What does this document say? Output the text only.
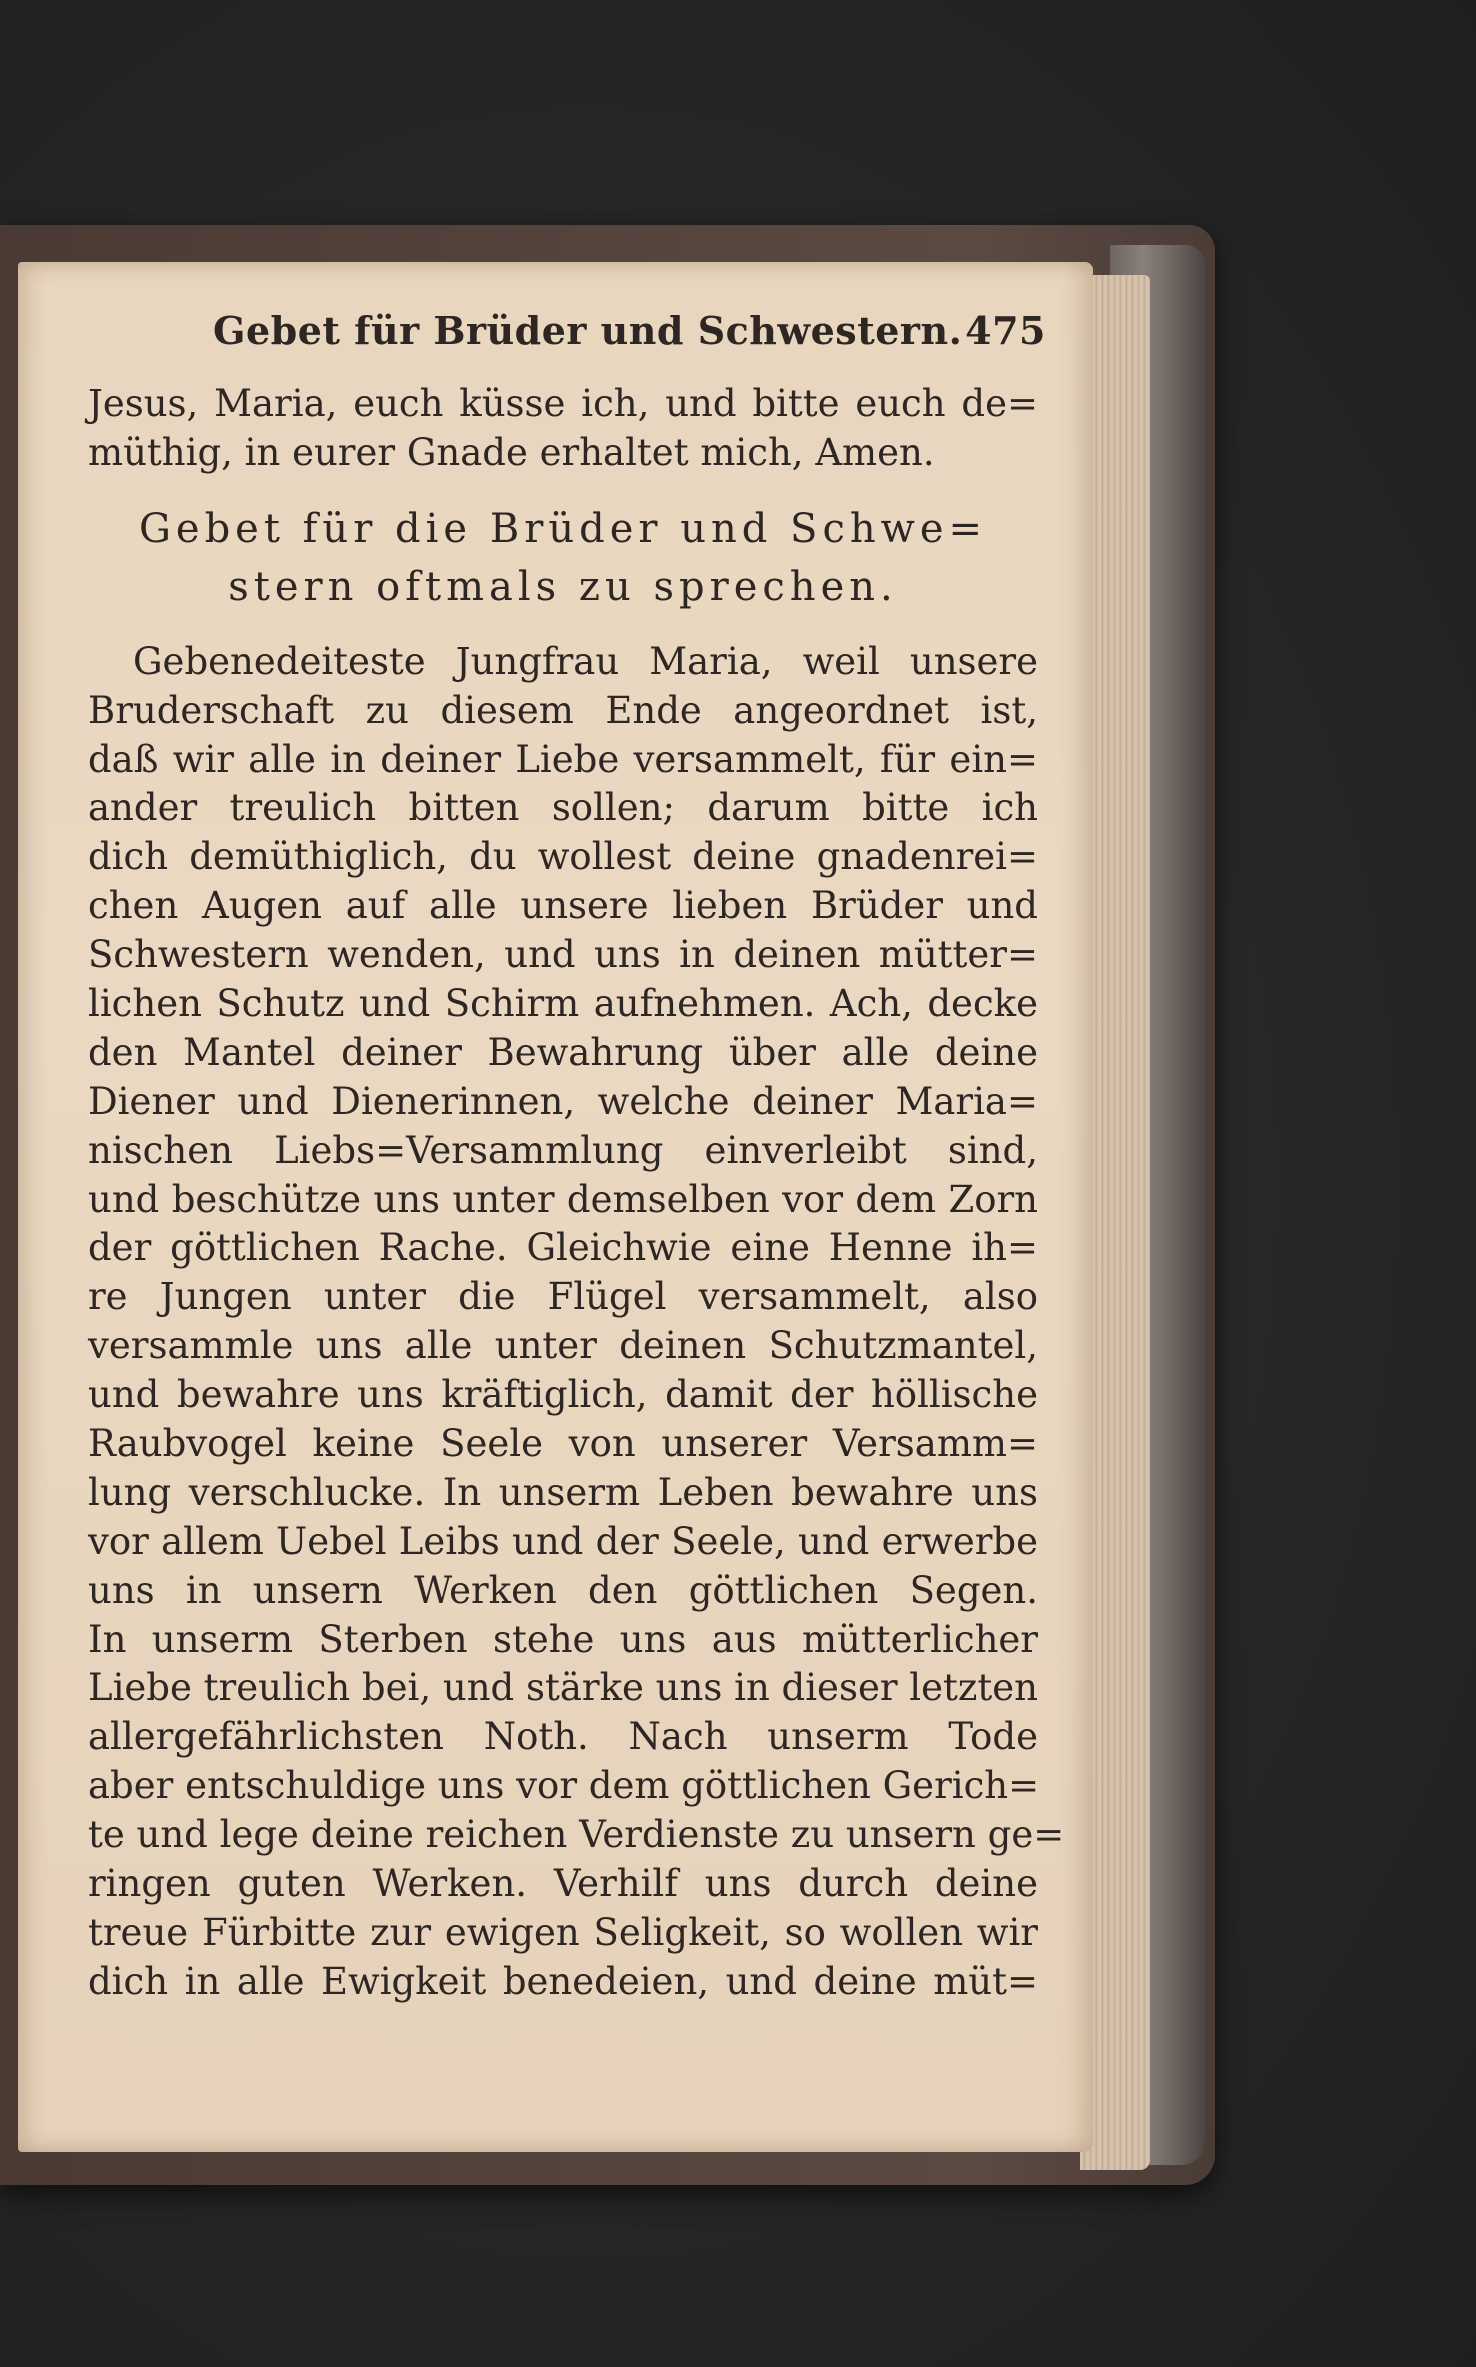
Gebet für Brüder und Schwestern. 475
Jesus, Maria, euch küsse ich, und bitte euch de=
müthig, in eurer Gnade erhaltet mich, Amen.
Gebet für die Brüder und Schwe=
stern oftmals zu sprechen.
Gebenedeiteste Jungfrau Maria, weil unsere
Bruderschaft zu diesem Ende angeordnet ist,
daß wir alle in deiner Liebe versammelt, für ein=
ander treulich bitten sollen; darum bitte ich
dich demüthiglich, du wollest deine gnadenrei=
chen Augen auf alle unsere lieben Brüder und
Schwestern wenden, und uns in deinen mütter=
lichen Schutz und Schirm aufnehmen. Ach, decke
den Mantel deiner Bewahrung über alle deine
Diener und Dienerinnen, welche deiner Maria=
nischen Liebs=Versammlung einverleibt sind,
und beschütze uns unter demselben vor dem Zorn
der göttlichen Rache. Gleichwie eine Henne ih=
re Jungen unter die Flügel versammelt, also
versammle uns alle unter deinen Schutzmantel,
und bewahre uns kräftiglich, damit der höllische
Raubvogel keine Seele von unserer Versamm=
lung verschlucke. In unserm Leben bewahre uns
vor allem Uebel Leibs und der Seele, und erwerbe
uns in unsern Werken den göttlichen Segen.
In unserm Sterben stehe uns aus mütterlicher
Liebe treulich bei, und stärke uns in dieser letzten
allergefährlichsten Noth. Nach unserm Tode
aber entschuldige uns vor dem göttlichen Gerich=
te und lege deine reichen Verdienste zu unsern ge=
ringen guten Werken. Verhilf uns durch deine
treue Fürbitte zur ewigen Seligkeit, so wollen wir
dich in alle Ewigkeit benedeien, und deine müt=
